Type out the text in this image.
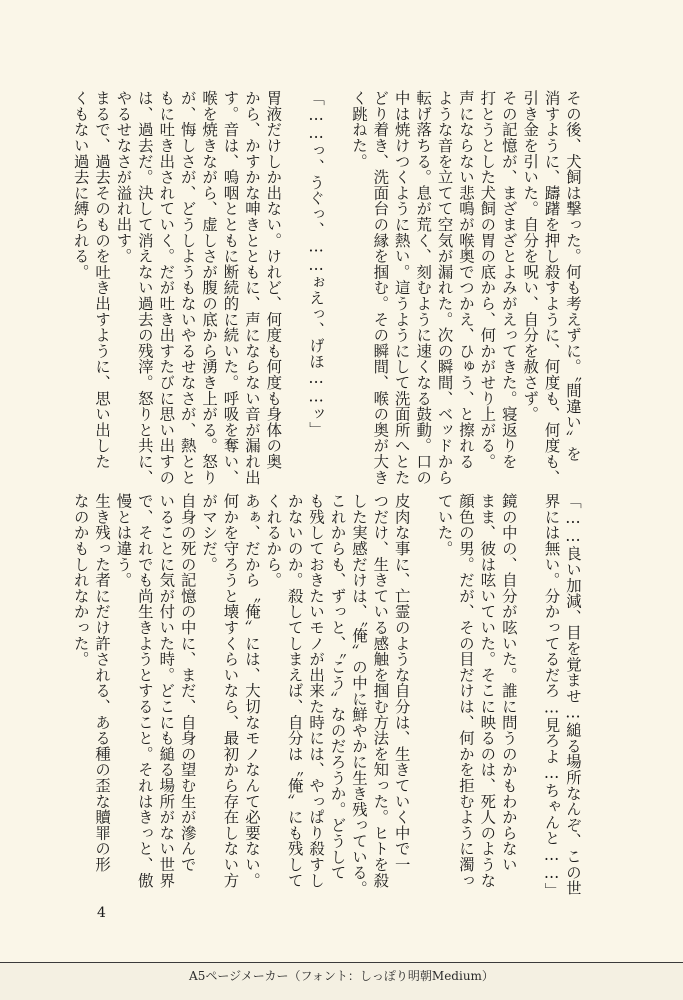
その後、犬飼は撃った。何も考えずに。〝間違い〟を

消すように、躊躇を押し殺すように、何度も、何度も、

引き金を引いた。自分を呪い、自分を赦さず。

その記憶が、まざまざとよみがえってきた。寝返りを

打とうとした犬飼の胃の底から、何かがせり上がる。

声にならない悲鳴が喉奥でつかえ、ひゅう、と擦れる

ような音を立てて空気が漏れた。次の瞬間、ベッドから

転げ落ちる。息が荒く、刻むように速くなる鼓動。口の

中は焼けつくように熱い。這うようにして洗面所へとた

どり着き、洗面台の縁を掴む。その瞬間、喉の奥が大き

く跳ねた。

「……っ、うぐっ、……ぉえっ、げほ……ッ」

胃液だけしか出ない。けれど、何度も何度も身体の奥

から、かすかな呻きとともに、声にならない音が漏れ出

す。音は、嗚咽とともに断続的に続いた。呼吸を奪い、

喉を焼きながら、虚しさが腹の底から湧き上がる。怒り

が、悔しさが、どうしようもないやるせなさが、熱とと

もに吐き出されていく。だが吐き出すたびに思い出すの

は、過去だ。決して消えない過去の残滓。怒りと共に、

やるせなさが溢れ出す。

まるで、過去そのものを吐き出すように、思い出した

くもない過去に縛られる。

「……良い加減、目を覚ませ…縋る場所なんぞ、この世

界には無い。分かってるだろ…見ろよ…ちゃんと……」

鏡の中の、自分が呟いた。誰に問うのかもわからない

まま、彼は呟いていた。そこに映るのは、死人のような

顔色の男。だが、その目だけは、何かを拒むように濁っ

ていた。

皮肉な事に、亡霊のような自分は、生きていく中で一

つだけ、生きている感触を掴む方法を知った。ヒトを殺

した実感だけは、〝俺〟の中に鮮やかに生き残っている。

これからも、ずっと、〝こう〟なのだろうか。どうして

も残しておきたいモノが出来た時には、やっぱり殺すし

かないのか。殺してしまえば、自分は〝俺〟にも残して

くれるから。

あぁ、だから〝俺〟には、大切なモノなんて必要ない。

何かを守ろうと壊すくらいなら、最初から存在しない方

がマシだ。

自身の死の記憶の中に、まだ、自身の望む生が滲んで

いることに気が付いた時。どこにも縋る場所がない世界

で、それでも尚生きようとすること。それはきっと、傲

慢とは違う。

生き残った者にだけ許される、ある種の歪な贖罪の形

なのかもしれなかった。

4
A5ページメーカー（フォント：しっぽり明朝Medium）
